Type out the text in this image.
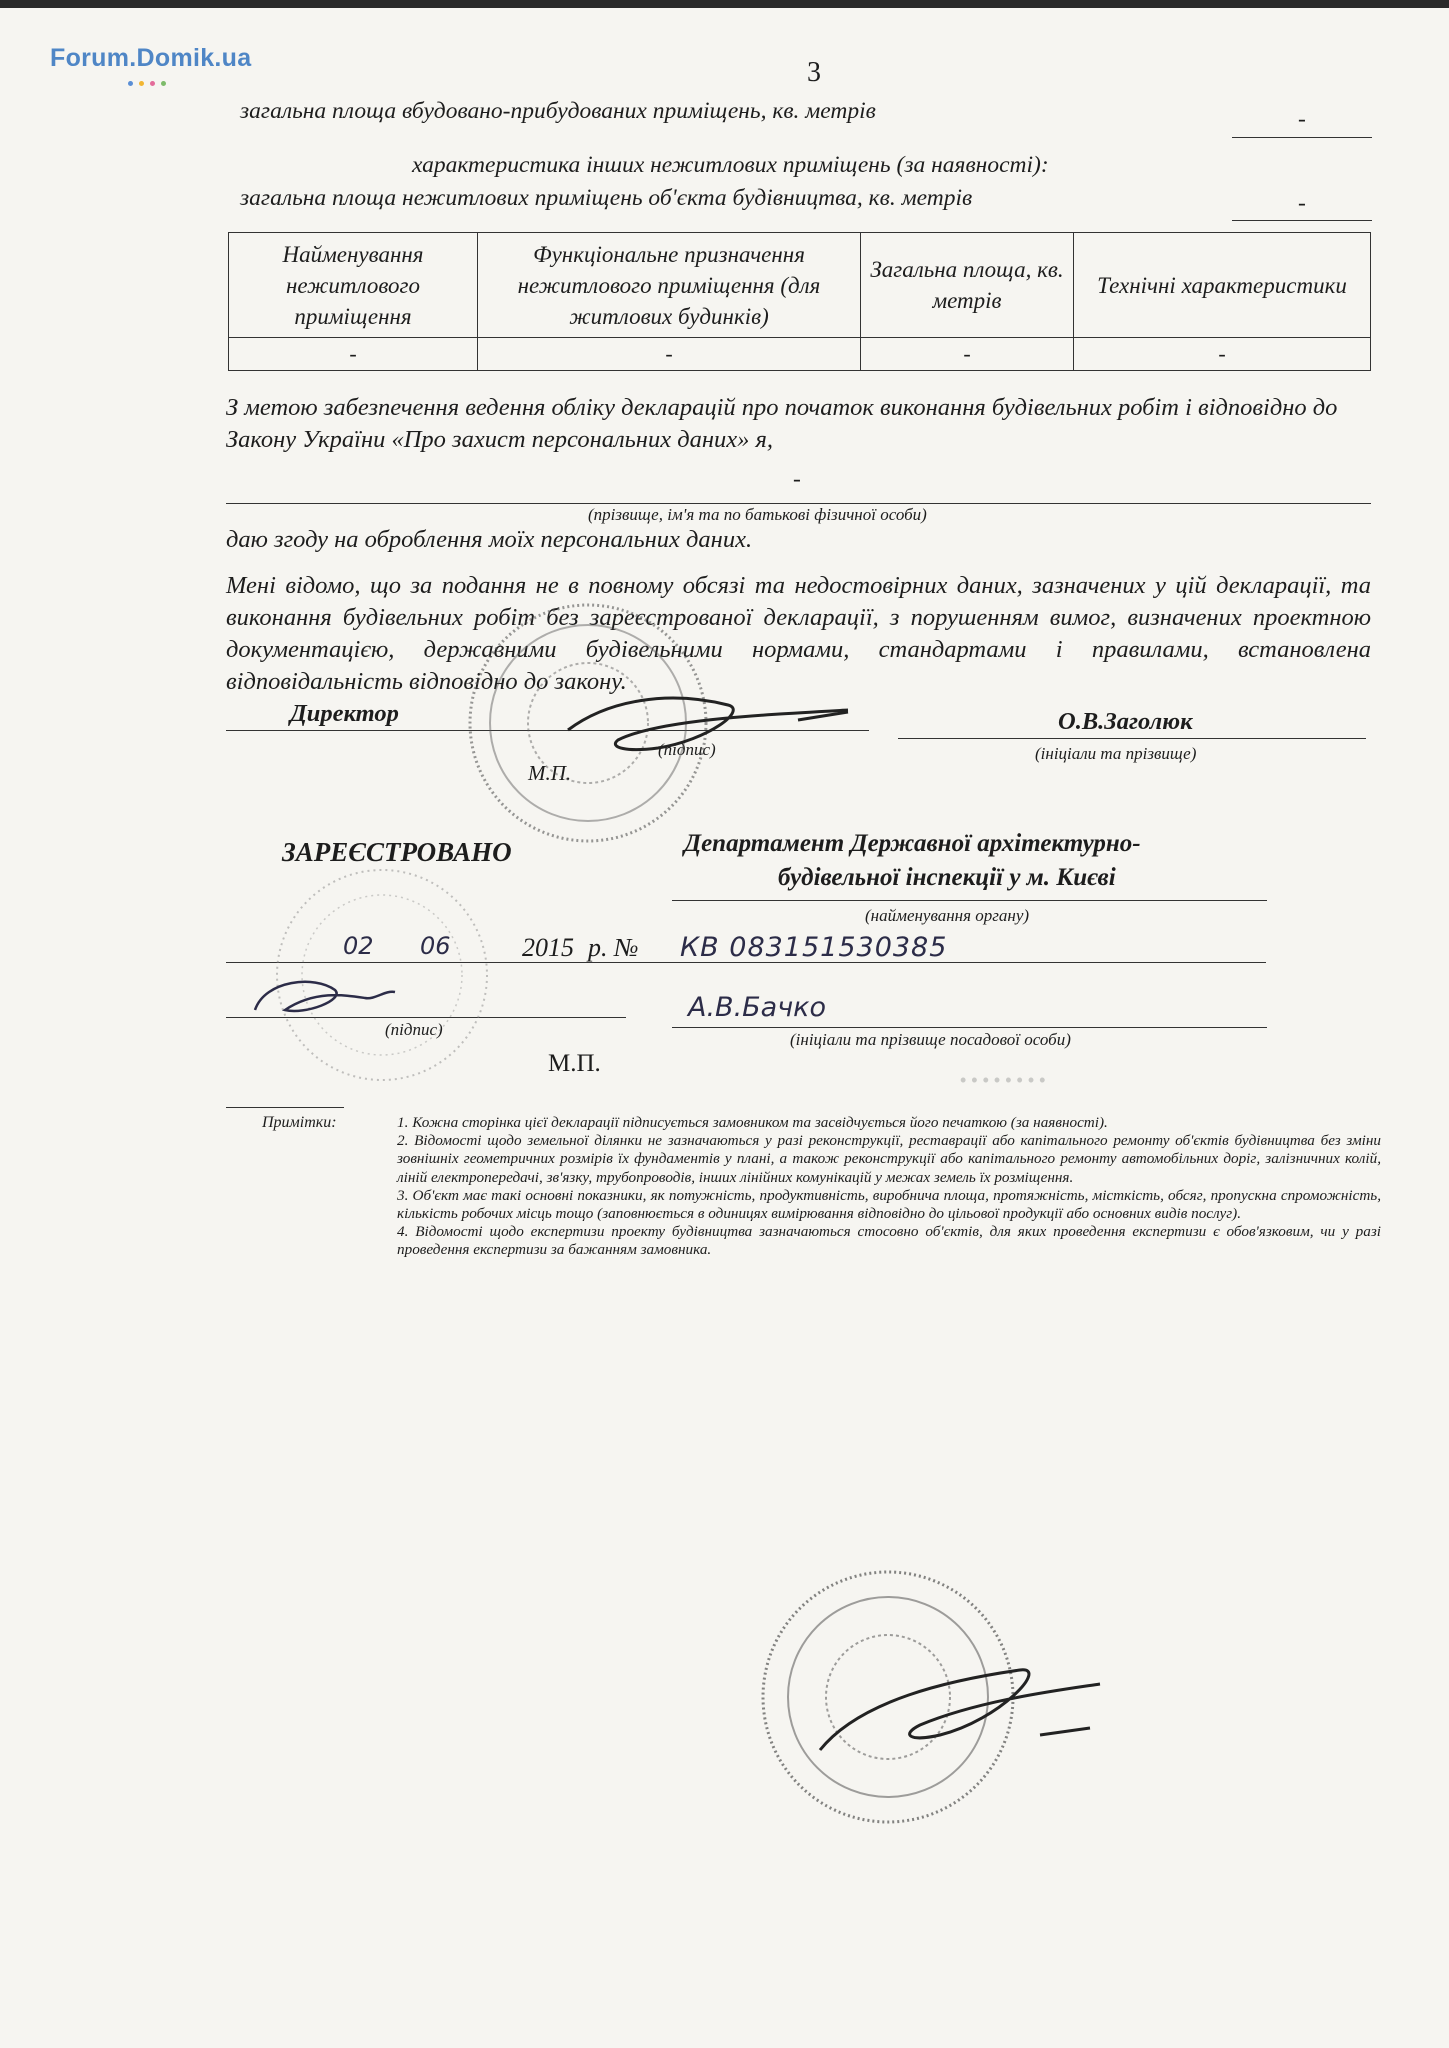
Forum.Domik.ua
• • • • • • • •
3
загальна площа вбудовано-прибудованих приміщень, кв. метрів	-
характеристика інших нежитлових приміщень (за наявності):
загальна площа нежитлових приміщень об'єкта будівництва, кв. метрів	-
Найменування нежитлового приміщення	Функціональне призначення нежитлового приміщення (для житлових будинків)	Загальна площа, кв. метрів	Технічні характеристики
-	-	-	-
З метою забезпечення ведення обліку декларацій про початок виконання будівельних робіт і відповідно до Закону України «Про захист персональних даних» я,
-
(прізвище, ім'я та по батькові фізичної особи)
даю згоду на оброблення моїх персональних даних.
Мені відомо, що за подання не в повному обсязі та недостовірних даних, зазначених у цій декларації, та виконання будівельних робіт без зареєстрованої декларації, з порушенням вимог, визначених проектною документацією, державними будівельними нормами, стандартами і правилами, встановлена відповідальність відповідно до закону.
Директор
(підпис)
О.В.Заголюк
(ініціали та прізвище)
М.П.
ЗАРЕЄСТРОВАНО	Департамент Державної архітектурно-
будівельної інспекції у м. Києві
(найменування органу)
02 06	2015 р. № КВ 083151530385
(підпис)
А.В.Бачко
(ініціали та прізвище посадової особи)
М.П.
Примітки:	1. Кожна сторінка цієї декларації підписується замовником та засвідчується його печаткою (за наявності).

2. Відомості щодо земельної ділянки не зазначаються у разі реконструкції, реставрації або капітального ремонту об'єктів будівництва без зміни зовнішніх геометричних розмірів їх фундаментів у плані, а також реконструкції або капітального ремонту автомобільних доріг, залізничних колій, ліній електропередачі, зв'язку, трубопроводів, інших лінійних комунікацій у межах земель їх розміщення.

3. Об'єкт має такі основні показники, як потужність, продуктивність, виробнича площа, протяжність, місткість, обсяг, пропускна спроможність, кількість робочих місць тощо (заповнюється в одиницях вимірювання відповідно до цільової продукції або основних видів послуг).

4. Відомості щодо експертизи проекту будівництва зазначаються стосовно об'єктів, для яких проведення експертизи є обов'язковим, чи у разі проведення експертизи за бажанням замовника.
